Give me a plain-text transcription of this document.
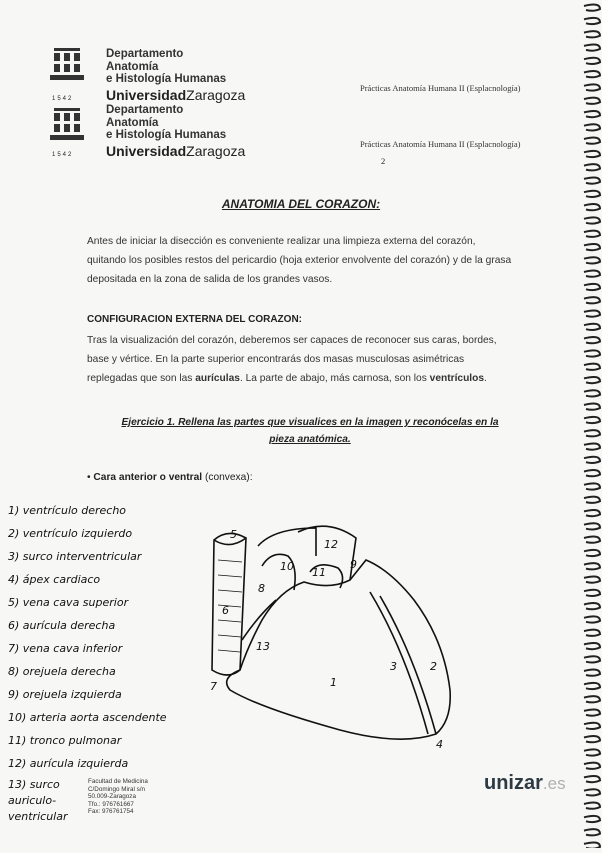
1542
1542
Departamento
Anatomía
e Histología Humanas
UniversidadZaragoza
Departamento
Anatomía
e Histología Humanas
UniversidadZaragoza
Prácticas Anatomía Humana II (Esplacnología)
Prácticas Anatomía Humana II (Esplacnología)
2
ANATOMIA DEL CORAZON:
Antes de iniciar la disección es conveniente realizar una limpieza externa del corazón, quitando los posibles restos del pericardio (hoja exterior envolvente del corazón) y de la grasa depositada en la zona de salida de los grandes vasos.
CONFIGURACION EXTERNA DEL CORAZON:
Tras la visualización del corazón, deberemos ser capaces de reconocer sus caras, bordes, base y vértice. En la parte superior encontrarás dos masas musculosas asimétricas replegadas que son las aurículas. La parte de abajo, más carnosa, son los ventrículos.
Ejercicio 1. Rellena las partes que visualices en la imagen y reconócelas en la pieza anatómica.
• Cara anterior o ventral (convexa):
1) ventrículo derecho
2) ventrículo izquierdo
3) surco interventricular
4) ápex cardiaco
5) vena cava superior
6) aurícula derecha
7) vena cava inferior
8) orejuela derecha
9) orejuela izquierda
10) arteria aorta ascendente
11) tronco pulmonar
12) aurícula izquierda
13) surco
auriculo-
ventricular
5
6
7
8
10 11
12
9
13
1
2
3
4
Facultad de Medicina
C/Domingo Miral s/n
50.009-Zaragoza
Tfo.: 976761667
Fax: 976761754
unizar.es
